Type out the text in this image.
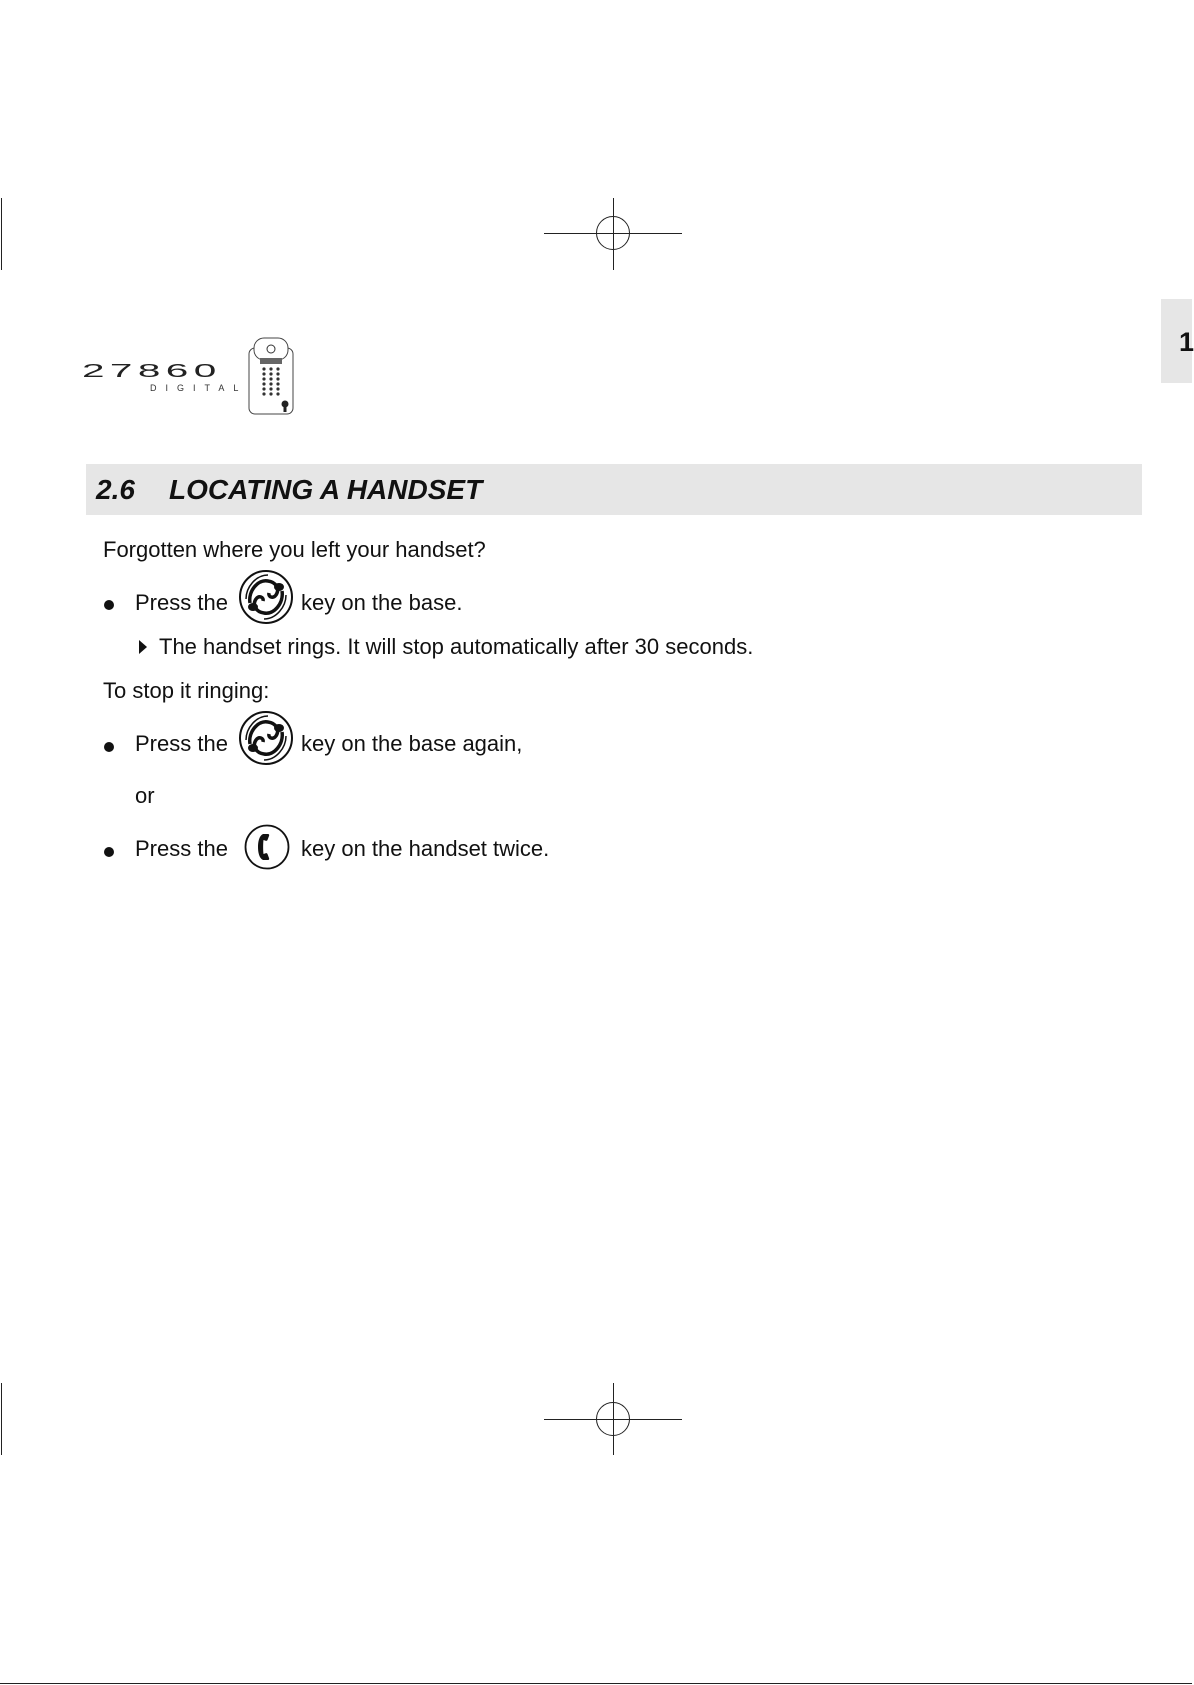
1
27860
DIGITAL
2.6 LOCATING A HANDSET
Forgotten where you left your handset?
Press the	key on the base.
The handset rings. It will stop automatically after 30 seconds.
To stop it ringing:
Press the	key on the base again,
or
Press the	key on the handset twice.
